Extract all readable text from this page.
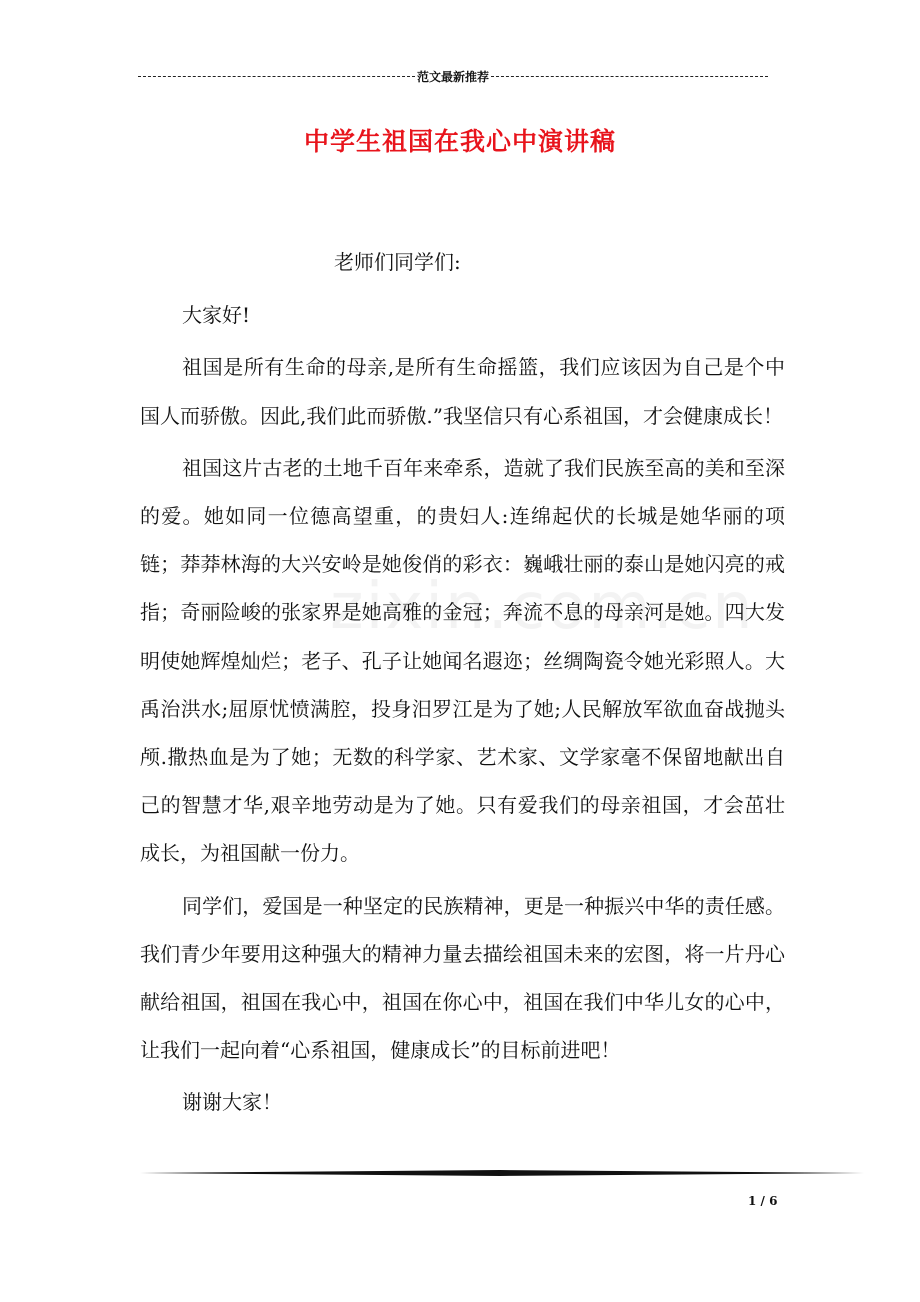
范文最新推荐
中学生祖国在我心中演讲稿

老师们同学们:

大家好!

祖国是所有生命的母亲,是所有生命摇篮，我们应该因为自己是个中国人而骄傲。因此,我们此而骄傲.”我坚信只有心系祖国，才会健康成长！

祖国这片古老的土地千百年来牵系，造就了我们民族至高的美和至深的爱。她如同一位德高望重，的贵妇人:连绵起伏的长城是她华丽的项链；莽莽林海的大兴安岭是她俊俏的彩衣：巍峨壮丽的泰山是她闪亮的戒指；奇丽险峻的张家界是她高雅的金冠；奔流不息的母亲河是她。四大发明使她辉煌灿烂；老子、孔子让她闻名遐迩；丝绸陶瓷令她光彩照人。大禹治洪水;屈原忧愤满腔，投身汨罗江是为了她;人民解放军欲血奋战抛头颅.撒热血是为了她；无数的科学家、艺术家、文学家毫不保留地献出自己的智慧才华,艰辛地劳动是为了她。只有爱我们的母亲祖国，才会茁壮成长，为祖国献一份力。

同学们，爱国是一种坚定的民族精神，更是一种振兴中华的责任感。我们青少年要用这种强大的精神力量去描绘祖国未来的宏图，将一片丹心献给祖国，祖国在我心中，祖国在你心中，祖国在我们中华儿女的心中，让我们一起向着“心系祖国，健康成长”的目标前进吧！

谢谢大家！

1 / 6
